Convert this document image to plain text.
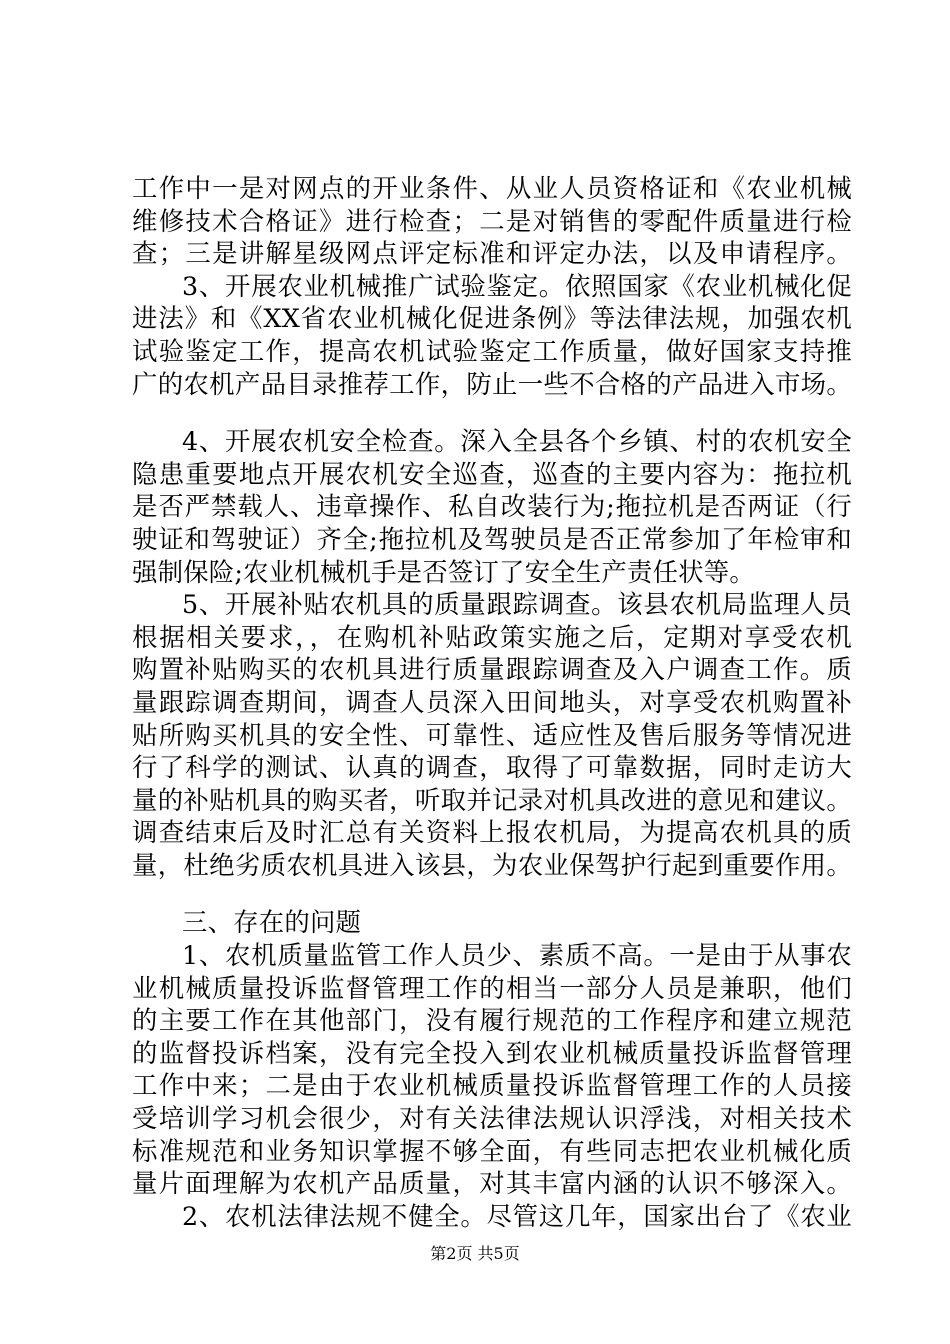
工作中一是对网点的开业条件、从业人员资格证和《农业机械
维修技术合格证》进行检查；二是对销售的零配件质量进行检
查；三是讲解星级网点评定标准和评定办法，以及申请程序。
3、开展农业机械推广试验鉴定。依照国家《农业机械化促
进法》和《XX省农业机械化促进条例》等法律法规，加强农机
试验鉴定工作，提高农机试验鉴定工作质量，做好国家支持推
广的农机产品目录推荐工作，防止一些不合格的产品进入市场。
4、开展农机安全检查。深入全县各个乡镇、村的农机安全
隐患重要地点开展农机安全巡查，巡查的主要内容为：拖拉机
是否严禁载人、违章操作、私自改装行为;拖拉机是否两证（行
驶证和驾驶证）齐全;拖拉机及驾驶员是否正常参加了年检审和
强制保险;农业机械机手是否签订了安全生产责任状等。
5、开展补贴农机具的质量跟踪调查。该县农机局监理人员
根据相关要求，，在购机补贴政策实施之后，定期对享受农机
购置补贴购买的农机具进行质量跟踪调查及入户调查工作。质
量跟踪调查期间，调查人员深入田间地头，对享受农机购置补
贴所购买机具的安全性、可靠性、适应性及售后服务等情况进
行了科学的测试、认真的调查，取得了可靠数据，同时走访大
量的补贴机具的购买者，听取并记录对机具改进的意见和建议。
调查结束后及时汇总有关资料上报农机局，为提高农机具的质
量，杜绝劣质农机具进入该县，为农业保驾护行起到重要作用。
三、存在的问题
1、农机质量监管工作人员少、素质不高。一是由于从事农
业机械质量投诉监督管理工作的相当一部分人员是兼职，他们
的主要工作在其他部门，没有履行规范的工作程序和建立规范
的监督投诉档案，没有完全投入到农业机械质量投诉监督管理
工作中来；二是由于农业机械质量投诉监督管理工作的人员接
受培训学习机会很少，对有关法律法规认识浮浅，对相关技术
标准规范和业务知识掌握不够全面，有些同志把农业机械化质
量片面理解为农机产品质量，对其丰富内涵的认识不够深入。
2、农机法律法规不健全。尽管这几年，国家出台了《农业
第2页 共5页
